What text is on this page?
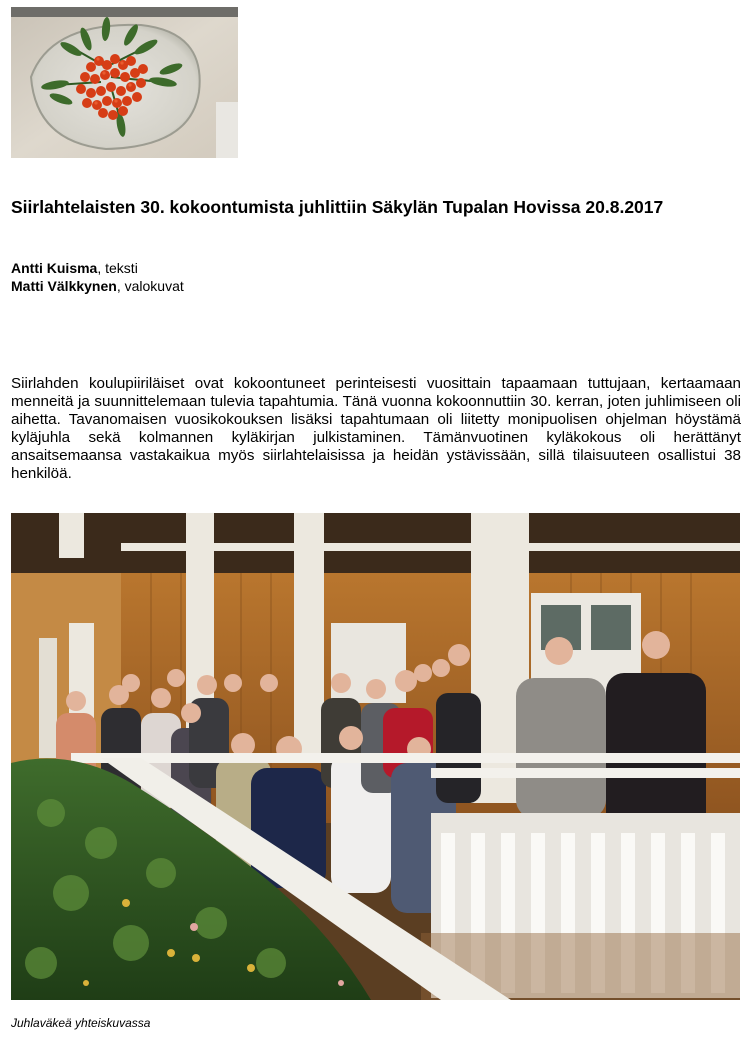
Siirlahtelaisten 30. kokoontumista juhlittiin Säkylän Tupalan Hovissa 20.8.2017
Antti Kuisma, teksti
Matti Välkkynen, valokuvat

Siirlahden koulupiiriläiset ovat kokoontuneet perinteisesti vuosittain tapaamaan tuttujaan, kertaamaan menneitä ja suunnittelemaan tulevia tapahtumia. Tänä vuonna kokoonnuttiin 30. kerran, joten juhlimiseen oli aihetta. Tavanomaisen vuosikokouksen lisäksi tapahtumaan oli liitetty monipuolisen ohjelman höystämä kyläjuhla sekä kolmannen kyläkirjan julkistaminen. Tämänvuotinen kyläkokous oli herättänyt ansaitsemaansa vastakaikua myös siirlahtelaisissa ja heidän ystävissään, sillä tilaisuuteen osallistui 38 henkilöä.

Juhlaväkeä yhteiskuvassa
